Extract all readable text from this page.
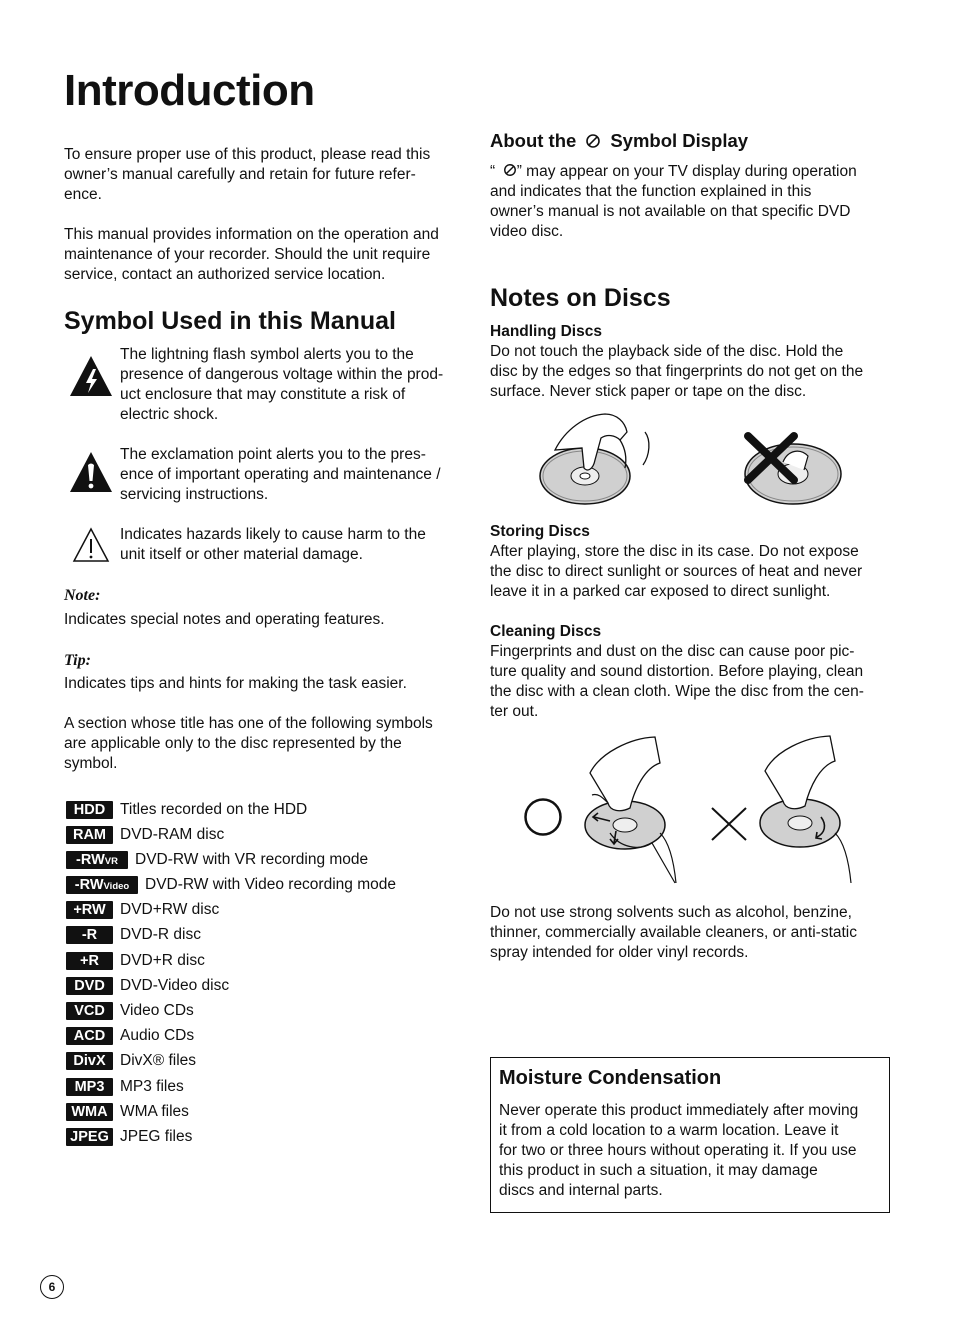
Introduction

To ensure proper use of this product, please read this

owner’s manual carefully and retain for future refer-

ence.

This manual provides information on the operation and

maintenance of your recorder. Should the unit require

service, contact an authorized service location.

Symbol Used in this Manual

The lightning flash symbol alerts you to the

presence of dangerous voltage within the prod-

uct enclosure that may constitute a risk of

electric shock.

The exclamation point alerts you to the pres-

ence of important operating and maintenance /

servicing instructions.

Indicates hazards likely to cause harm to the

unit itself or other material damage.

Note:

Indicates special notes and operating features.

Tip:

Indicates tips and hints for making the task easier.

A section whose title has one of the following symbols

are applicable only to the disc represented by the

symbol.

HDD Titles recorded on the HDD
RAM DVD-RAM disc
-RWVR	DVD-RW with VR recording mode
-RWVideo	DVD-RW with Video recording mode
+RW DVD+RW disc
-R	DVD-R disc
+R	DVD+R disc
DVD DVD-Video disc
VCD Video CDs
ACD Audio CDs
DivX DivX® files
MP3	MP3 files
WMA WMA files
JPEG JPEG files
About the Symbol Display

“     ” may appear on your TV display during operation

and indicates that the function explained in this

owner’s manual is not available on that specific DVD

video disc.

Notes on Discs
Handling Discs

Do not touch the playback side of the disc. Hold the

disc by the edges so that fingerprints do not get on the

surface. Never stick paper or tape on the disc.

Storing Discs

After playing, store the disc in its case. Do not expose

the disc to direct sunlight or sources of heat and never

leave it in a parked car exposed to direct sunlight.

Cleaning Discs

Fingerprints and dust on the disc can cause poor pic-

ture quality and sound distortion. Before playing, clean

the disc with a clean cloth. Wipe the disc from the cen-

ter out.

Do not use strong solvents such as alcohol, benzine,

thinner, commercially available cleaners, or anti-static

spray intended for older vinyl records.

Moisture Condensation

Never operate this product immediately after moving

it from a cold location to a warm location. Leave it

for two or three hours without operating it. If you use

this product in such a situation, it may damage

discs and internal parts.

6
